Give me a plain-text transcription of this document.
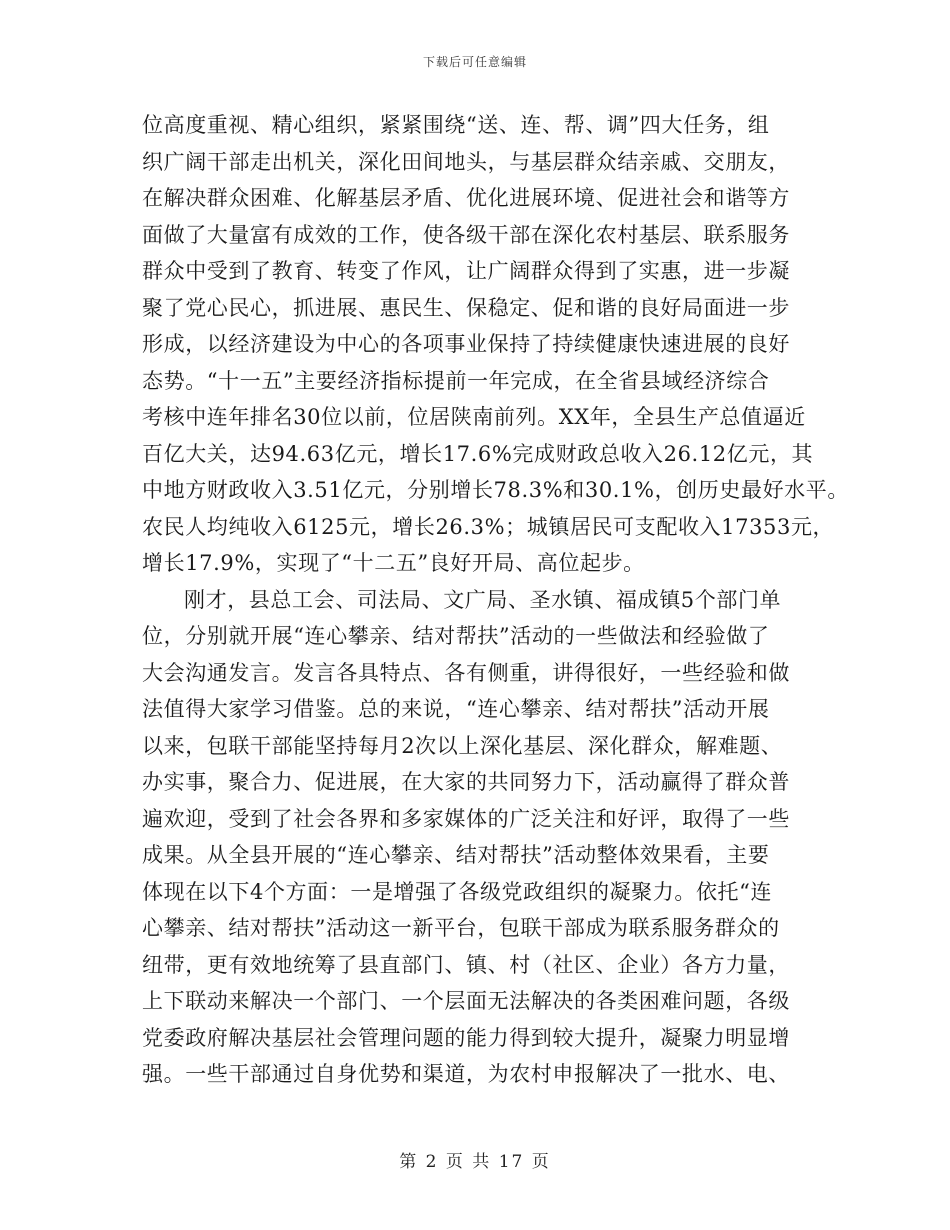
下载后可任意编辑
位高度重视、精心组织，紧紧围绕“送、连、帮、调”四大任务，组
织广阔干部走出机关，深化田间地头，与基层群众结亲戚、交朋友，
在解决群众困难、化解基层矛盾、优化进展环境、促进社会和谐等方
面做了大量富有成效的工作，使各级干部在深化农村基层、联系服务
群众中受到了教育、转变了作风，让广阔群众得到了实惠，进一步凝
聚了党心民心，抓进展、惠民生、保稳定、促和谐的良好局面进一步
形成，以经济建设为中心的各项事业保持了持续健康快速进展的良好
态势。“十一五”主要经济指标提前一年完成，在全省县域经济综合
考核中连年排名30位以前，位居陕南前列。XX年，全县生产总值逼近
百亿大关，达94.63亿元，增长17.6%完成财政总收入26.12亿元，其
中地方财政收入3.51亿元，分别增长78.3%和30.1%，创历史最好水平。
农民人均纯收入6125元，增长26.3%；城镇居民可支配收入17353元，
增长17.9%，实现了“十二五”良好开局、高位起步。
刚才，县总工会、司法局、文广局、圣水镇、福成镇5个部门单
位，分别就开展“连心攀亲、结对帮扶”活动的一些做法和经验做了
大会沟通发言。发言各具特点、各有侧重，讲得很好，一些经验和做
法值得大家学习借鉴。总的来说，“连心攀亲、结对帮扶”活动开展
以来，包联干部能坚持每月2次以上深化基层、深化群众，解难题、
办实事，聚合力、促进展，在大家的共同努力下，活动赢得了群众普
遍欢迎，受到了社会各界和多家媒体的广泛关注和好评，取得了一些
成果。从全县开展的“连心攀亲、结对帮扶”活动整体效果看，主要
体现在以下4个方面：一是增强了各级党政组织的凝聚力。依托“连
心攀亲、结对帮扶”活动这一新平台，包联干部成为联系服务群众的
纽带，更有效地统筹了县直部门、镇、村（社区、企业）各方力量，
上下联动来解决一个部门、一个层面无法解决的各类困难问题，各级
党委政府解决基层社会管理问题的能力得到较大提升，凝聚力明显增
强。一些干部通过自身优势和渠道，为农村申报解决了一批水、电、
第 2 页 共 17 页
